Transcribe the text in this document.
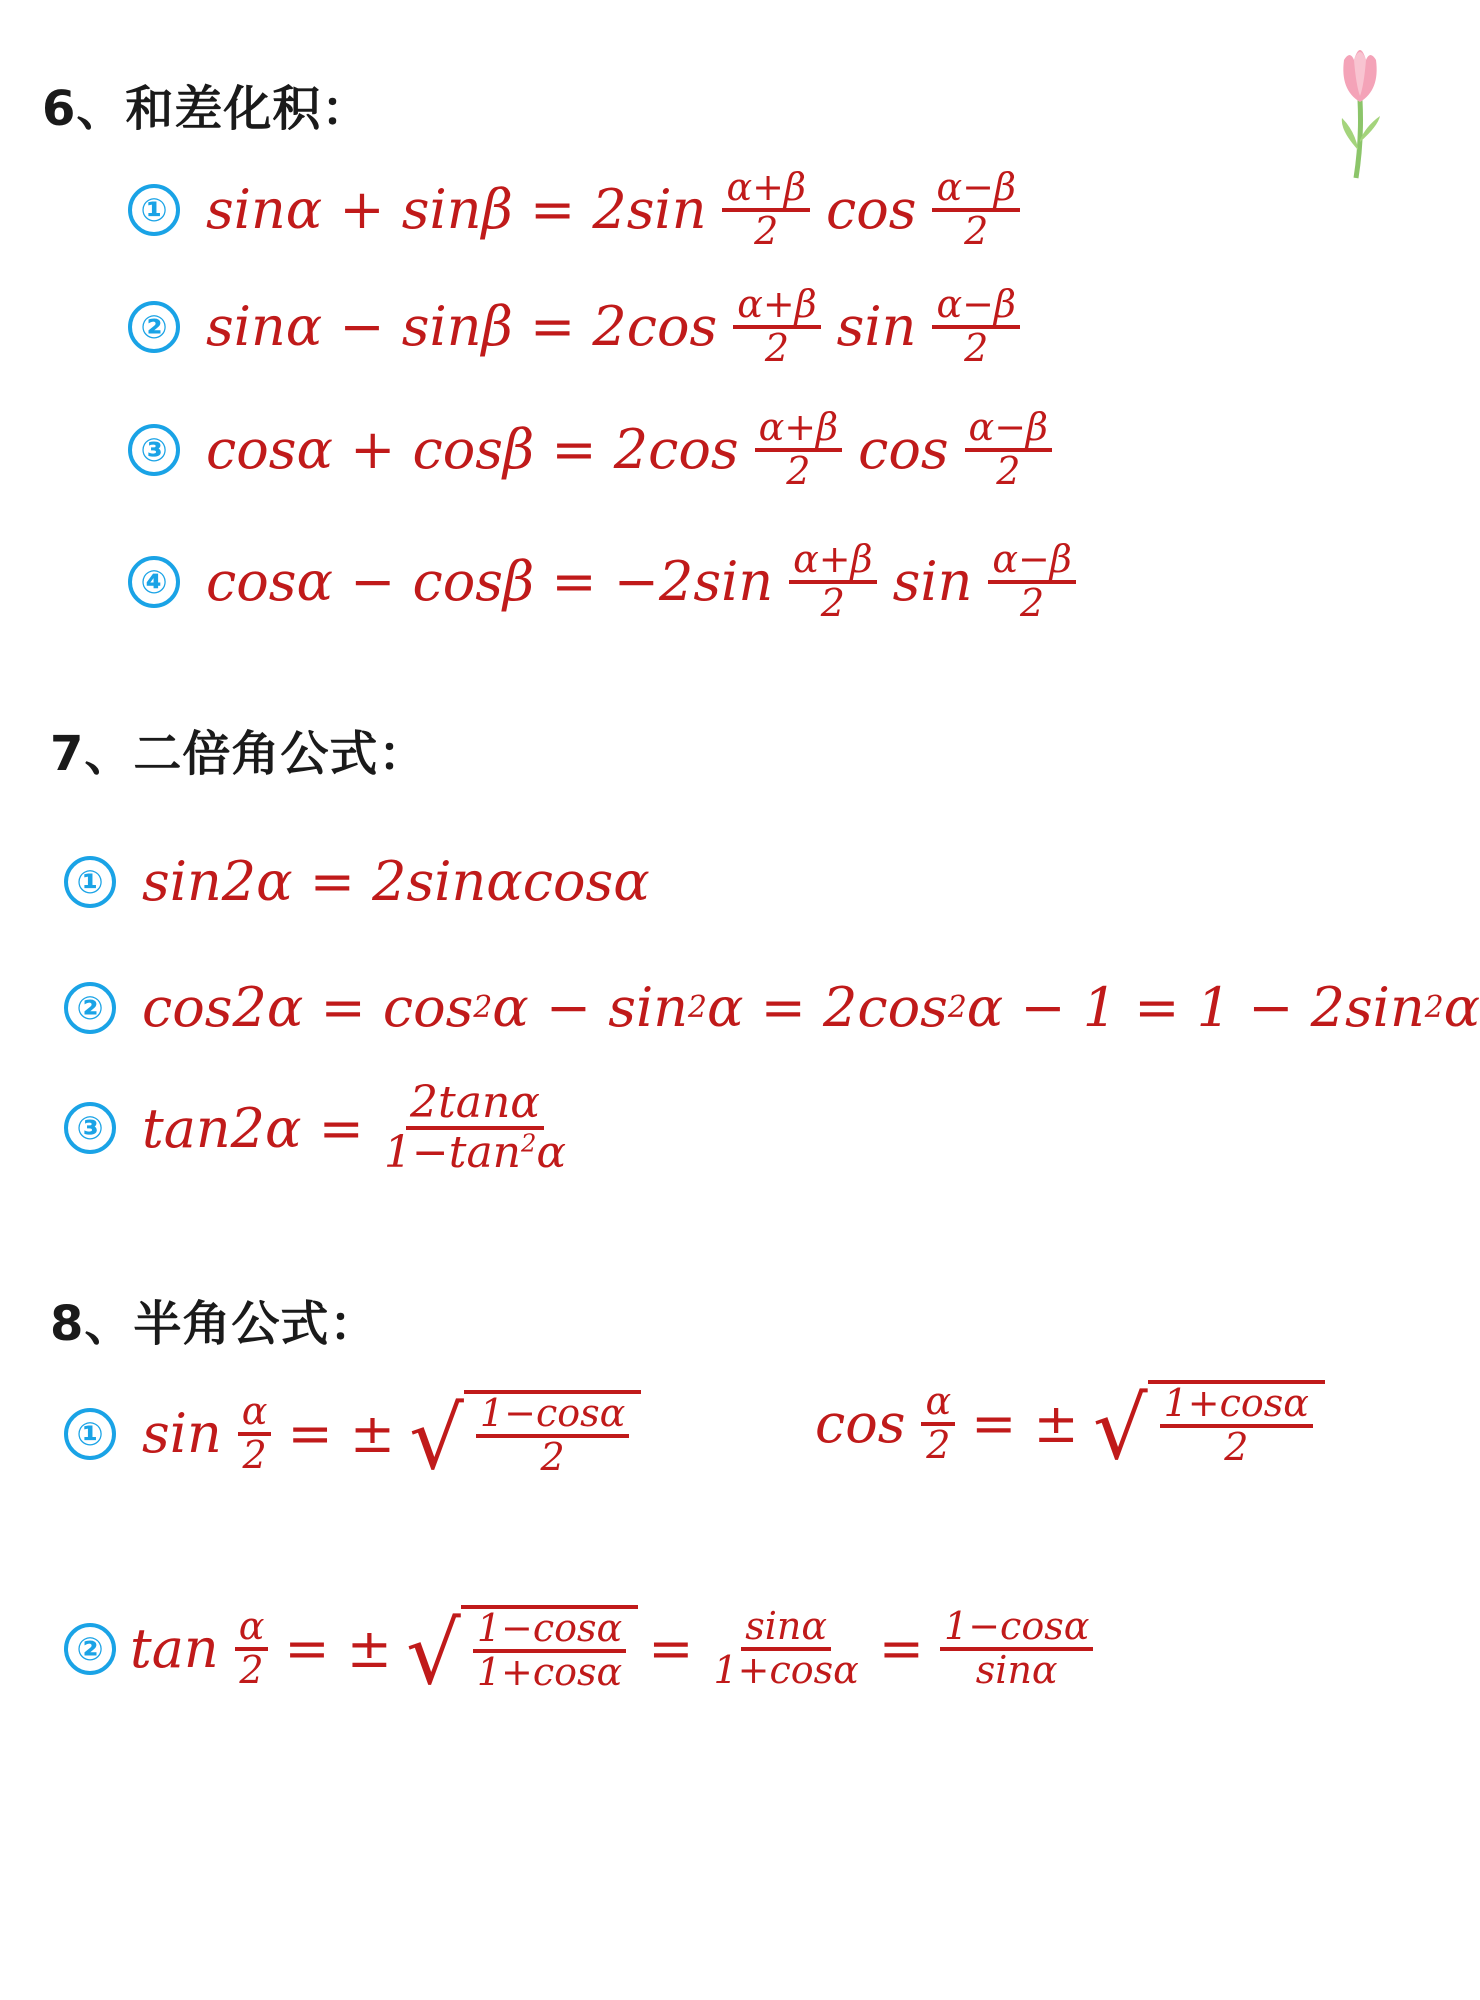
6、和差化积：
① $\sin\alpha + \sin\beta = 2\sin \frac{\alpha+\beta}{2}$ $\cos \frac{\alpha-\beta}{2}$
② $\sin\alpha - \sin\beta = 2\cos \frac{\alpha+\beta}{2}$ $\sin \frac{\alpha-\beta}{2}$
③ $\cos\alpha + \cos\beta = 2\cos \frac{\alpha+\beta}{2}$ $\cos \frac{\alpha-\beta}{2}$
④ $\cos\alpha - \cos\beta = -2\sin \frac{\alpha+\beta}{2}$ $\sin \frac{\alpha-\beta}{2}$
7、二倍角公式：
① sin2α = 2sinαcosα
② cos2α = cos 2 α − sin 2 α = 2cos 2 α − 1 = 1 − 2sin 2 α
③ $\tan 2\alpha = \frac{2\tan\alpha}{1-\tan^2\alpha}$
8、半角公式：
① $\sin \frac{\alpha}{2}$ = ± √ $\frac{1-\cos\alpha}{2}$	$\cos \frac{\alpha}{2}$ = ± √ $\frac{1+\cos\alpha}{2}$
② $\tan \frac{\alpha}{2}$ = ± √ $\frac{1-\cos\alpha}{1+\cos\alpha} = \frac{\sin\alpha}{1+\cos\alpha} = \frac{1-\cos\alpha}{\sin\alpha}$
